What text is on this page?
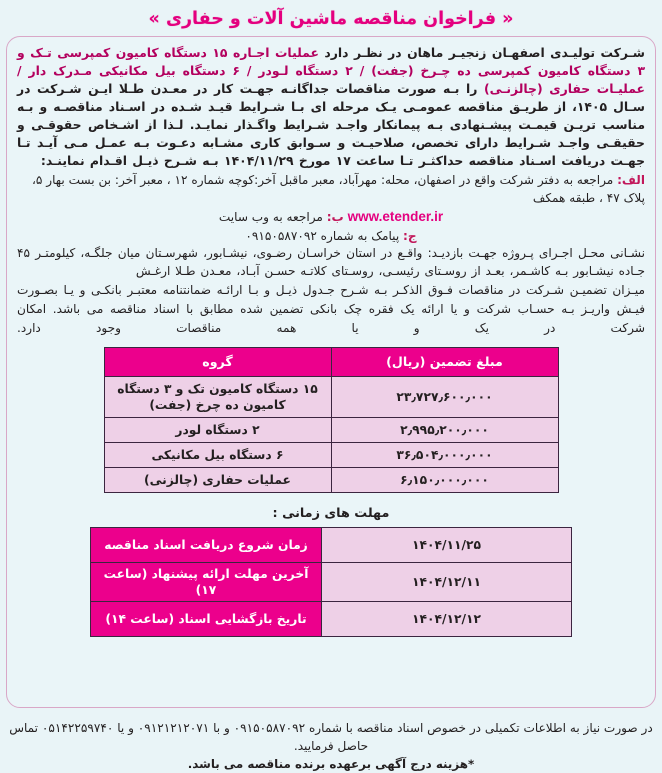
« فراخوان مناقصه ماشین آلات و حفاری »

شـرکت تولیـدی اصفهـان زنجیـر ماهان در نظـر دارد عملیات اجـاره ۱۵ دستگاه کامیون کمپرسی تـک و ۳ دستگاه کامیون کمپرسی ده چـرخ (جفت) / ۲ دستگاه لـودر / ۶ دستگاه بیل مکانیکی مـدرک دار / عملیـات حفاری (چالزنـی) را بـه صورت مناقصات جداگانـه جهـت کار در معـدن طـلا ایـن شـرکت در سـال ۱۴۰۵، از طریـق مناقصه عمومـی یـک مرحله ای بـا شـرایط قیـد شـده در اسـناد مناقصـه و بـه مناسب تریـن قیمـت پیشـنهادی بـه پیمانکار واجـد شـرایط واگـذار نمایـد. لـذا از اشـخاص حقوقـی و حقیقـی واجـد شـرایط دارای تخصص، صلاحیـت و سـوابق کاری مشـابه دعـوت بـه عمـل مـی آیـد تـا جهـت دریافت اسـناد مناقصه حداکثـر تـا ساعت ۱۷ مورخ ۱۴۰۴/۱۱/۲۹ بـه شـرح ذیـل اقـدام نماینـد:

الف: مراجعه به دفتر شرکت واقع در اصفهان، محله: مهرآباد، معبر ماقبل آخر:کوچه شماره ۱۲ ، معبر آخر: بن بست بهار ۵، پلاک ۴۷ ، طبقه همکف

www.etender.ir ب: مراجعه به وب سایت

ج: پیامک به شماره ۰۹۱۵۰۵۸۷۰۹۲

نشـانی محـل اجـرای پـروژه جهـت بازدیـد: واقـع در استان خراسـان رضـوی، نیشـابور، شهرسـتان میان جلگـه، کیلومتـر ۴۵ جـاده نیشـابور بـه کاشـمر، بعـد از روسـتای رئیسـی، روسـتای کلاتـه حسـن آبـاد، معـدن طـلا ارغـش

میـزان تضمیـن شـرکت در مناقصات فـوق الذکـر بـه شـرح جـدول ذیـل و بـا ارائـه ضمانتنامه معتبـر بانکـی و یـا بصـورت فیـش واریـز بـه حسـاب شرکت و یا ارائه یک فقره چک بانکی تضمین شده مطابق با اسناد مناقصه می باشد. امکان شرکت در یک و یا همه مناقصات وجود دارد.

مبلغ تضمین (ریال)	گروه
۲۳٫۷۲۷٫۶۰۰٫۰۰۰	۱۵ دستگاه کامیون تک و ۳ دستگاه کامیون ده چرخ (جفت)
۲٫۹۹۵٫۲۰۰٫۰۰۰	۲ دستگاه لودر
۳۶٫۵۰۴٫۰۰۰٫۰۰۰	۶ دستگاه بیل مکانیکی
۶٫۱۵۰٫۰۰۰٫۰۰۰	عملیات حفاری (چالزنی)
مهلت های زمانی :
۱۴۰۴/۱۱/۲۵	زمان شروع دریافت اسناد مناقصه
۱۴۰۴/۱۲/۱۱	آخرین مهلت ارائه پیشنهاد (ساعت ۱۷)
۱۴۰۴/۱۲/۱۲	تاریخ بازگشایی اسناد (ساعت ۱۴)
در صورت نیاز به اطلاعات تکمیلی در خصوص اسناد مناقصه با شماره ۰۹۱۵۰۵۸۷۰۹۲ و با ۰۹۱۲۱۲۱۲۰۷۱ و یا ۰۵۱۴۲۲۵۹۷۴۰ تماس حاصل فرمایید.
*هزینه درج آگهی برعهده برنده مناقصه می باشد.
